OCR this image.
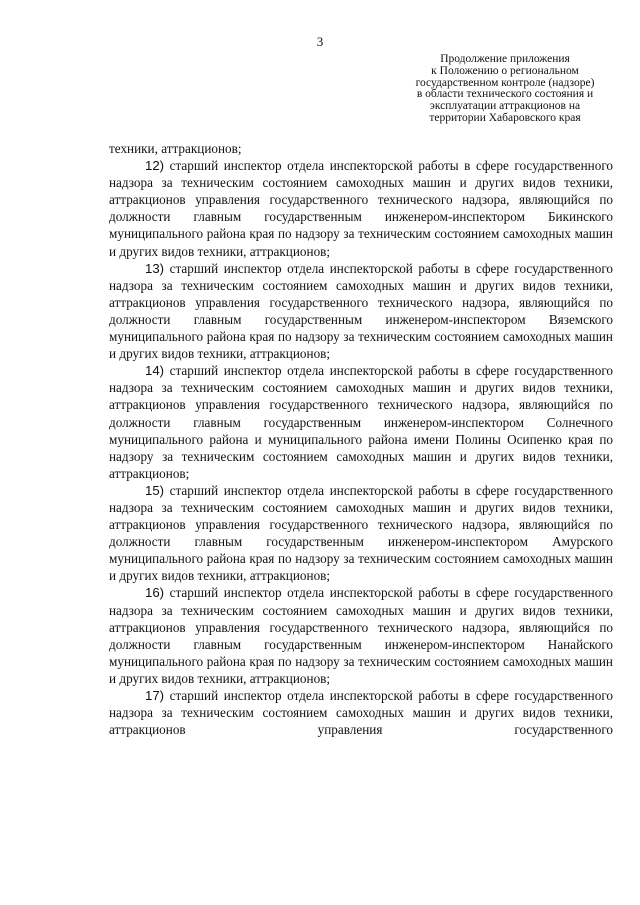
3
Продолжение приложения
к Положению о региональном
государственном контроле (надзоре)
в области технического состояния и
эксплуатации аттракционов на
территории Хабаровского края

техники, аттракционов;

12) старший инспектор отдела инспекторской работы в сфере государственного надзора за техническим состоянием самоходных машин и других видов техники, аттракционов управления государственного технического надзора, являющийся по должности главным государственным инженером-инспектором Бикинского муниципального района края по надзору за техническим состоянием самоходных машин и других видов техники, аттракционов;

13) старший инспектор отдела инспекторской работы в сфере государственного надзора за техническим состоянием самоходных машин и других видов техники, аттракционов управления государственного технического надзора, являющийся по должности главным государственным инженером-инспектором Вяземского муниципального района края по надзору за техническим состоянием самоходных машин и других видов техники, аттракционов;

14) старший инспектор отдела инспекторской работы в сфере государственного надзора за техническим состоянием самоходных машин и других видов техники, аттракционов управления государственного технического надзора, являющийся по должности главным государственным инженером-инспектором Солнечного муниципального района и муниципального района имени Полины Осипенко края по надзору за техническим состоянием самоходных машин и других видов техники, аттракционов;

15) старший инспектор отдела инспекторской работы в сфере государственного надзора за техническим состоянием самоходных машин и других видов техники, аттракционов управления государственного технического надзора, являющийся по должности главным государственным инженером-инспектором Амурского муниципального района края по надзору за техническим состоянием самоходных машин и других видов техники, аттракционов;

16) старший инспектор отдела инспекторской работы в сфере государственного надзора за техническим состоянием самоходных машин и других видов техники, аттракционов управления государственного технического надзора, являющийся по должности главным государственным инженером-инспектором Нанайского муниципального района края по надзору за техническим состоянием самоходных машин и других видов техники, аттракционов;

17) старший инспектор отдела инспекторской работы в сфере государственного надзора за техническим состоянием самоходных машин и других видов техники, аттракционов управления государственного
